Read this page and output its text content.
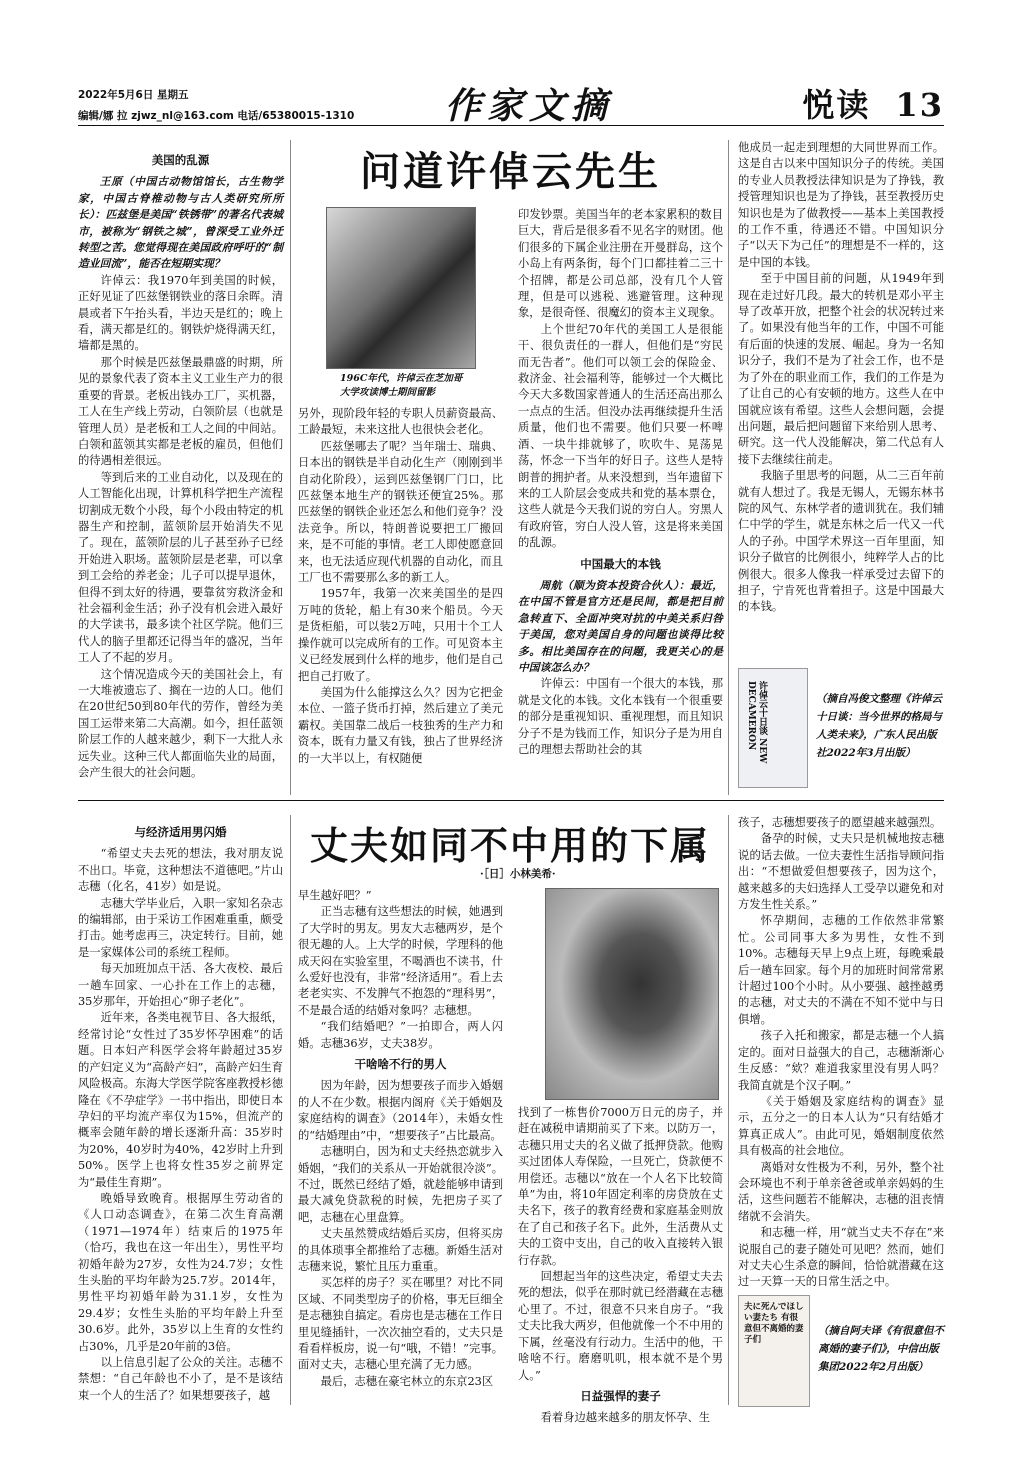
2022年5月6日 星期五
编辑/娜 拉 zjwz_nl@163.com 电话/65380015-1310	作家文摘	悦读 13
问道许倬云先生
美国的乱源

王原（中国古动物馆馆长，古生物学家，中国古脊椎动物与古人类研究所所长）：匹兹堡是美国“铁锈带”的著名代表城市，被称为“钢铁之城”，曾深受工业外迁转型之苦。您觉得现在美国政府呼吁的“制造业回流”，能否在短期实现？

许倬云：我1970年到美国的时候，正好见证了匹兹堡钢铁业的落日余晖。清晨或者下午抬头看，半边天是红的；晚上看，满天都是红的。钢铁炉烧得满天红，墙都是黑的。

那个时候是匹兹堡最鼎盛的时期，所见的景象代表了资本主义工业生产力的很重要的背景。老板出钱办工厂，买机器，工人在生产线上劳动，白领阶层（也就是管理人员）是老板和工人之间的中间站。白领和蓝领其实都是老板的雇员，但他们的待遇相差很远。

等到后来的工业自动化，以及现在的人工智能化出现，计算机科学把生产流程切割成无数个小段，每个小段由特定的机器生产和控制，蓝领阶层开始消失不见了。现在，蓝领阶层的儿子甚至孙子已经开始进入职场。蓝领阶层是老辈，可以拿到工会给的养老金；儿子可以提早退休，但得不到太好的待遇，要靠贫穷救济金和社会福利金生活；孙子没有机会进入最好的大学读书，最多读个社区学院。他们三代人的脑子里都还记得当年的盛况，当年工人了不起的岁月。

这个情况造成今天的美国社会上，有一大堆被遗忘了、搁在一边的人口。他们在20世纪50到80年代的劳作，曾经为美国工运带来第二大高潮。如今，担任蓝领阶层工作的人越来越少，剩下一大批人永远失业。这种三代人都面临失业的局面，会产生很大的社会问题。

196C年代，许倬云在芝加哥
大学攻读博士期间留影

另外，现阶段年轻的专职人员薪资最高、工龄最短，未来这批人也很快会老化。

匹兹堡哪去了呢？当年瑞士、瑞典、日本出的钢铁是半自动化生产（刚刚到半自动化阶段），运到匹兹堡钢厂门口，比匹兹堡本地生产的钢铁还便宜25%。那匹兹堡的钢铁企业还怎么和他们竞争？没法竞争。所以，特朗普说要把工厂搬回来，是不可能的事情。老工人即使愿意回来，也无法适应现代机器的自动化，而且工厂也不需要那么多的新工人。

1957年，我第一次来美国坐的是四万吨的货轮，船上有30来个船员。今天是货柜船，可以装2万吨，只用十个工人操作就可以完成所有的工作。可见资本主义已经发展到什么样的地步，他们是自己把自己打败了。

美国为什么能撑这么久？因为它把金本位、一篮子货币打掉，然后建立了美元霸权。美国靠二战后一枝独秀的生产力和资本，既有力量又有钱，独占了世界经济的一大半以上，有权随便

印发钞票。美国当年的老本家累积的数目巨大，背后是很多看不见名字的财团。他们很多的下属企业注册在开曼群岛，这个小岛上有两条街，每个门口都挂着二三十个招牌，都是公司总部，没有几个人管理，但是可以逃税、逃避管理。这种现象，是很奇怪、很魔幻的资本主义现象。

上个世纪70年代的美国工人是很能干、很负责任的一群人，但他们是“穷民而无告者”。他们可以领工会的保险金、救济金、社会福利等，能够过一个大概比今天大多数国家普通人的生活还高出那么一点点的生活。但没办法再继续提升生活质量，他们也不需要。他们只要一杯啤酒、一块牛排就够了，吹吹牛、晃荡晃荡，怀念一下当年的好日子。这些人是特朗普的拥护者。从来没想到，当年遗留下来的工人阶层会变成共和党的基本票仓，这些人就是今天我们说的穷白人。穷黑人有政府管，穷白人没人管，这是将来美国的乱源。

中国最大的本钱

周航（顺为资本投资合伙人）：最近，在中国不管是官方还是民间，都是把目前急转直下、全面冲突对抗的中美关系归咎于美国，您对美国自身的问题也谈得比较多。相比美国存在的问题，我更关心的是中国该怎么办？

许倬云：中国有一个很大的本钱，那就是文化的本钱。文化本钱有一个很重要的部分是重视知识、重视理想，而且知识分子不是为钱而工作，知识分子是为用自己的理想去帮助社会的其

他成员一起走到理想的大同世界而工作。这是自古以来中国知识分子的传统。美国的专业人员教授法律知识是为了挣钱，教授管理知识也是为了挣钱，甚至教授历史知识也是为了做教授——基本上美国教授的工作不重，待遇还不错。中国知识分子“以天下为己任”的理想是不一样的，这是中国的本钱。

至于中国目前的问题，从1949年到现在走过好几段。最大的转机是邓小平主导了改革开放，把整个社会的状况转过来了。如果没有他当年的工作，中国不可能有后面的快速的发展、崛起。身为一名知识分子，我们不是为了社会工作，也不是为了外在的职业而工作，我们的工作是为了让自己的心有安顿的地方。这些人在中国就应该有希望。这些人会想问题，会提出问题，最后把问题留下来给别人思考、研究。这一代人没能解决，第二代总有人接下去继续往前走。

我脑子里思考的问题，从二三百年前就有人想过了。我是无锡人，无锡东林书院的风气、东林学者的遗训犹在。我们辅仁中学的学生，就是东林之后一代又一代人的子孙。中国学术界这一百年里面，知识分子做官的比例很小，纯粹学人占的比例很大。很多人像我一样承受过去留下的担子，宁肯死也背着担子。这是中国最大的本钱。

许倬云十日谈 NEW DECAMERON	（摘自冯俊文整理《许倬云十日谈：当今世界的格局与人类未来》，广东人民出版社2022年3月出版）
丈夫如同不中用的下属
·［日］小林美希·
与经济适用男闪婚

“希望丈夫去死的想法，我对朋友说不出口。毕竟，这种想法不道德吧。”片山志穗（化名，41岁）如是说。

志穗大学毕业后，入职一家知名杂志的编辑部，由于采访工作困难重重，颇受打击。她考虑再三，决定转行。目前，她是一家媒体公司的系统工程师。

每天加班加点干活、各大夜校、最后一趟车回家、一心扑在工作上的志穗，35岁那年，开始担心“卵子老化”。

近年来，各类电视节目、各大报纸，经常讨论“女性过了35岁怀孕困难”的话题。日本妇产科医学会将年龄超过35岁的产妇定义为“高龄产妇”，高龄产妇生育风险极高。东海大学医学院客座教授杉徳隆在《不孕症学》一书中指出，即使日本孕妇的平均流产率仅为15%，但流产的概率会随年龄的增长逐渐升高：35岁时为20%，40岁时为40%，42岁时上升到50%。医学上也将女性35岁之前界定为“最佳生育期”。

晚婚导致晚育。根据厚生劳动省的《人口动态调查》，在第二次生育高潮（1971—1974年）结束后的1975年（恰巧，我也在这一年出生），男性平均初婚年龄为27岁，女性为24.7岁；女性生头胎的平均年龄为25.7岁。2014年，男性平均初婚年龄为31.1岁，女性为29.4岁；女性生头胎的平均年龄上升至30.6岁。此外，35岁以上生育的女性约占30%，几乎是20年前的3倍。

以上信息引起了公众的关注。志穗不禁想：“自己年龄也不小了，是不是该结束一个人的生活了？如果想要孩子，越

早生越好吧？”

正当志穗有这些想法的时候，她遇到了大学时的男友。男友大志穗两岁，是个很无趣的人。上大学的时候，学理科的他成天闷在实验室里，不喝酒也不读书，什么爱好也没有，非常“经济适用”。看上去老老实实、不发脾气不抱怨的“理科男”，不是最合适的结婚对象吗？志穗想。

“我们结婚吧？”一拍即合，两人闪婚。志穗36岁，丈夫38岁。

干啥啥不行的男人

因为年龄，因为想要孩子而步入婚姻的人不在少数。根据内阁府《关于婚姻及家庭结构的调查》（2014年），未婚女性的“结婚理由”中，“想要孩子”占比最高。

志穗明白，因为和丈夫经热恋就步入婚姻，“我们的关系从一开始就很冷淡”。不过，既然已经结了婚，就趁能够申请到最大减免贷款税的时候，先把房子买了吧，志穗在心里盘算。

丈夫虽然赞成结婚后买房，但将买房的具体琐事全都推给了志穗。新婚生活对志穗来说，繁忙且压力重重。

买怎样的房子？买在哪里？对比不同区域、不同类型房子的价格，事无巨细全是志穗独自搞定。看房也是志穗在工作日里见缝插针，一次次抽空看的，丈夫只是看看样板房，说一句“哦，不错！”完事。面对丈夫，志穗心里充满了无力感。

最后，志穗在豪宅林立的东京23区

找到了一栋售价7000万日元的房子，并赶在减税申请期前买了下来。以防万一，志穗只用丈夫的名义做了抵押贷款。他购买过团体人寿保险，一旦死亡，贷款便不用偿还。志穗以“放在一个人名下比较简单”为由，将10年固定利率的房贷放在丈夫名下，孩子的教育经费和家庭基金则放在了自己和孩子名下。此外，生活费从丈夫的工资中支出，自己的收入直接转入银行存款。

回想起当年的这些决定，希望丈夫去死的想法，似乎在那时就已经潜藏在志穗心里了。不过，很意不只来自房子。“我丈夫比我大两岁，但他就像一个不中用的下属，丝毫没有行动力。生活中的他，干啥啥不行。磨磨叽叽，根本就不是个男人。”

日益强悍的妻子

看着身边越来越多的朋友怀孕、生

孩子，志穗想要孩子的愿望越来越强烈。

备孕的时候，丈夫只是机械地按志穗说的话去做。一位夫妻性生活指导顾问指出：“不想做爱但想要孩子，因为这个，越来越多的夫妇选择人工受孕以避免和对方发生性关系。”

怀孕期间，志穗的工作依然非常繁忙。公司同事大多为男性，女性不到10%。志穗每天早上9点上班，每晚乘最后一趟车回家。每个月的加班时间常常累计超过100个小时。从小要强、越挫越勇的志穗，对丈夫的不满在不知不觉中与日俱增。

孩子入托和搬家，都是志穗一个人搞定的。面对日益强大的自己，志穗渐渐心生反感：“欸？难道我家里没有男人吗？我简直就是个汉子啊。”

《关于婚姻及家庭结构的调查》显示，五分之一的日本人认为“只有结婚才算真正成人”。由此可见，婚姻制度依然具有极高的社会地位。

离婚对女性极为不利，另外，整个社会环境也不利于单亲爸爸或单亲妈妈的生活，这些问题若不能解决，志穗的沮丧情绪就不会消失。

和志穗一样，用“就当丈夫不存在”来说服自己的妻子随处可见吧？然而，她们对丈夫心生杀意的瞬间，恰恰就潜藏在这过一天算一天的日常生活之中。

夫に死んでほしい妻たち 有很意但不离婚的妻子们
（摘自阿夫译《有很意但不离婚的妻子们》，中信出版集团2022年2月出版）
